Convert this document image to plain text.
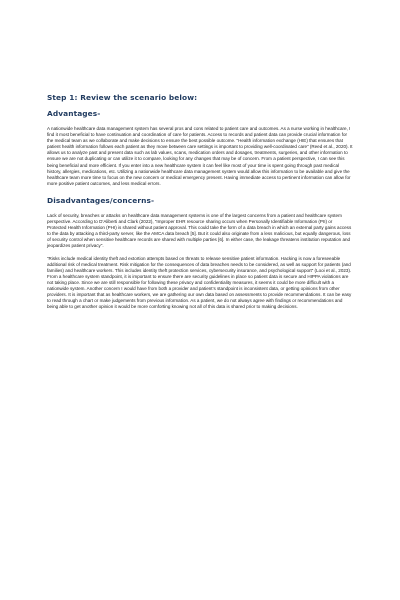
Step 1: Review the scenario below:
Advantages-

A nationwide healthcare data management system has several pros and cons related to patient care and outcomes. As a nurse working in healthcare, I find it most beneficial to have continuation and coordination of care for patients. Access to records and patient data can provide crucial information for the medical team as we collaborate and make decisions to ensure the best possible outcome. “Health information exchange (HIE) that ensures that patient health information follows each patient as they move between care settings is important to providing well-coordinated care” (Reed et al., 2020). It allows us to analyze past and present data such as lab values, scans, medication orders and dosages, treatments, surgeries, and other information to ensure we are not duplicating or can utilize it to compare, looking for any changes that may be of concern. From a patient perspective, I can see this being beneficial and more efficient. If you enter into a new healthcare system it can feel like most of your time is spent going through past medical history, allergies, medications, etc. Utilizing a nationwide healthcare data management system would allow this information to be available and give the healthcare team more time to focus on the new concern or medical emergency present. Having immediate access to pertinent information can allow for more positive patient outcomes, and less medical errors.

Disadvantages/concerns-

Lack of security, breaches or attacks on healthcare data management systems is one of the largest concerns from a patient and healthcare system perspective. According to D’Aliberti and Clark (2022), “Improper EHR resource sharing occurs when Personally Identifiable Information (PII) or Protected Health Information (PHI) is shared without patient approval. This could take the form of a data breach in which an external party gains access to the data by attacking a third-party server, like the AMCA data breach [5]. But it could also originate from a less malicious, but equally dangerous, loss of security control when sensitive healthcare records are shared with multiple parties [6]. In either case, the leakage threatens institution reputation and jeopardizes patient privacy”.

“Risks include medical identity theft and extortion attempts based on threats to release sensitive patient information. Hacking is now a foreseeable additional risk of medical treatment. Risk mitigation for the consequences of data breaches needs to be considered, as well as support for patients (and families) and healthcare workers. This includes identity theft protection services, cybersecurity insurance, and psychological support” (Looi et al., 2023). From a healthcare system standpoint, it is important to ensure there are security guidelines in place so patient data is secure and HIPPA violations are not taking place. Since we are still responsible for following these privacy and confidentiality measures, it seems it could be more difficult with a nationwide system. Another concern I would have from both a provider and patient’s standpoint is inconsistent data, or getting opinions from other providers. It is important that as healthcare workers, we are gathering our own data based on assessments to provide recommendations. It can be easy to read through a chart or make judgements from previous information. As a patient, we do not always agree with findings or recommendations and being able to get another opinion it would be more comforting knowing not all of this data is shared prior to making decisions.
